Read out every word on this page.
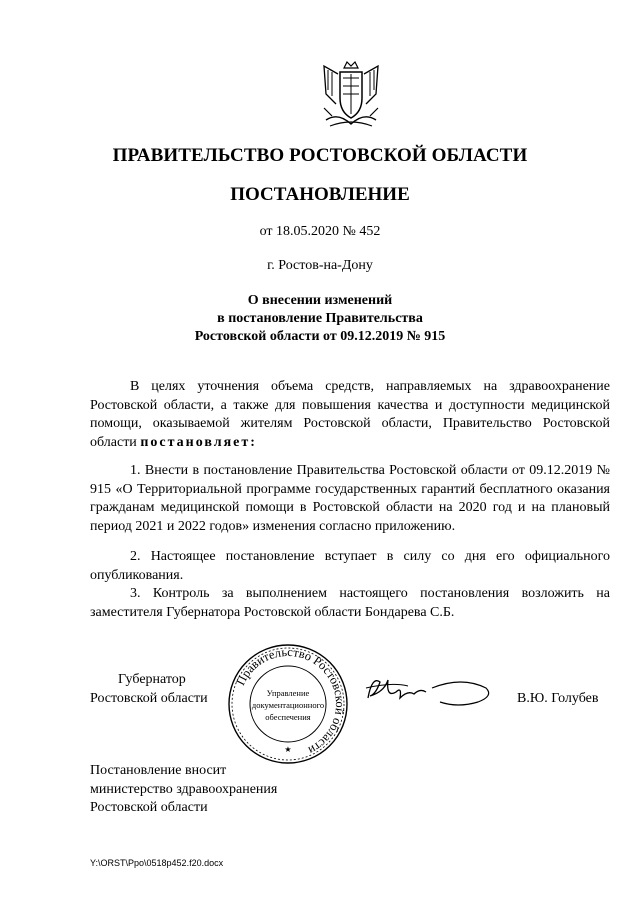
ПРАВИТЕЛЬСТВО РОСТОВСКОЙ ОБЛАСТИ
ПОСТАНОВЛЕНИЕ
от 18.05.2020 № 452
г. Ростов-на-Дону
О внесении изменений
в постановление Правительства
Ростовской области от 09.12.2019 № 915
В целях уточнения объема средств, направляемых на здравоохранение Ростовской области, а также для повышения качества и доступности медицинской помощи, оказываемой жителям Ростовской области, Правительство Ростовской области постановляет:
1. Внести в постановление Правительства Ростовской области от 09.12.2019 № 915 «О Территориальной программе государственных гарантий бесплатного оказания гражданам медицинской помощи в Ростовской области на 2020 год и на плановый период 2021 и 2022 годов» изменения согласно приложению.
2. Настоящее постановление вступает в силу со дня его официального опубликования.
3. Контроль за выполнением настоящего постановления возложить на заместителя Губернатора Ростовской области Бондарева С.Б.
Губернатор
Ростовской области
Правительство Ростовской области
Управление
документационного
обеспечения
★
В.Ю. Голубев
Постановление вносит
министерство здравоохранения
Ростовской области
Y:\ORST\Ppo\0518p452.f20.docx
